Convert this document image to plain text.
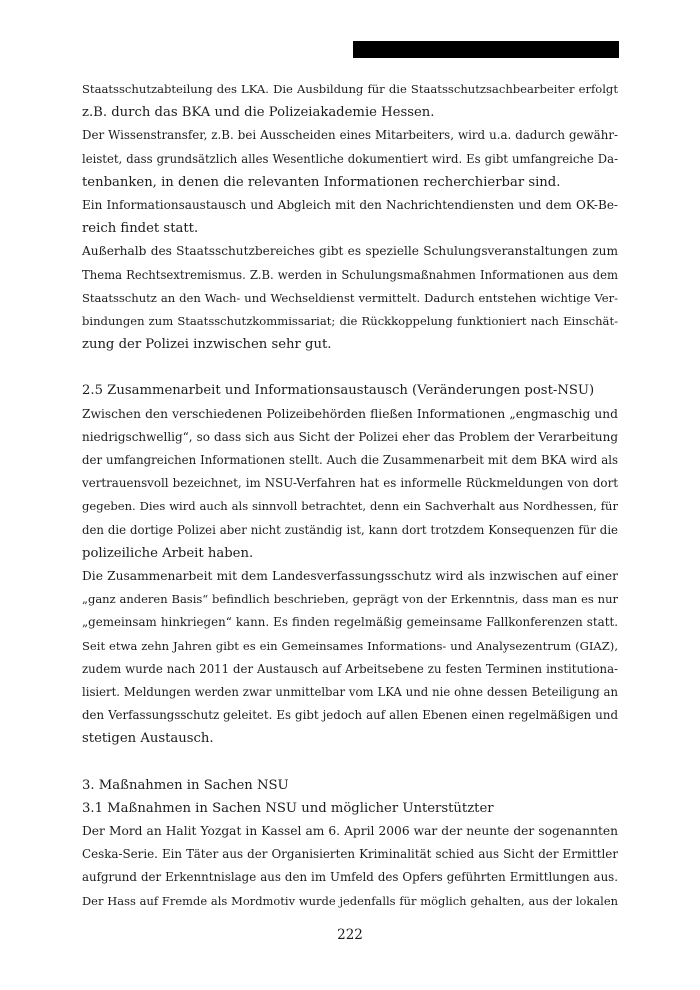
Staatsschutzabteilung des LKA. Die Ausbildung für die Staatsschutzsachbearbeiter erfolgt
z.B. durch das BKA und die Polizeiakademie Hessen.
Der Wissenstransfer, z.B. bei Ausscheiden eines Mitarbeiters, wird u.a. dadurch gewähr-
leistet, dass grundsätzlich alles Wesentliche dokumentiert wird. Es gibt umfangreiche Da-
tenbanken, in denen die relevanten Informationen recherchierbar sind.
Ein Informationsaustausch und Abgleich mit den Nachrichtendiensten und dem OK-Be-
reich findet statt.
Außerhalb des Staatsschutzbereiches gibt es spezielle Schulungsveranstaltungen zum
Thema Rechtsextremismus. Z.B. werden in Schulungsmaßnahmen Informationen aus dem
Staatsschutz an den Wach- und Wechseldienst vermittelt. Dadurch entstehen wichtige Ver-
bindungen zum Staatsschutzkommissariat; die Rückkoppelung funktioniert nach Einschät-
zung der Polizei inzwischen sehr gut.
2.5 Zusammenarbeit und Informationsaustausch (Veränderungen post-NSU)
Zwischen den verschiedenen Polizeibehörden fließen Informationen „engmaschig und
niedrigschwellig“, so dass sich aus Sicht der Polizei eher das Problem der Verarbeitung
der umfangreichen Informationen stellt. Auch die Zusammenarbeit mit dem BKA wird als
vertrauensvoll bezeichnet, im NSU-Verfahren hat es informelle Rückmeldungen von dort
gegeben. Dies wird auch als sinnvoll betrachtet, denn ein Sachverhalt aus Nordhessen, für
den die dortige Polizei aber nicht zuständig ist, kann dort trotzdem Konsequenzen für die
polizeiliche Arbeit haben.
Die Zusammenarbeit mit dem Landesverfassungsschutz wird als inzwischen auf einer
„ganz anderen Basis“ befindlich beschrieben, geprägt von der Erkenntnis, dass man es nur
„gemeinsam hinkriegen“ kann. Es finden regelmäßig gemeinsame Fallkonferenzen statt.
Seit etwa zehn Jahren gibt es ein Gemeinsames Informations- und Analysezentrum (GIAZ),
zudem wurde nach 2011 der Austausch auf Arbeitsebene zu festen Terminen institutiona-
lisiert. Meldungen werden zwar unmittelbar vom LKA und nie ohne dessen Beteiligung an
den Verfassungsschutz geleitet. Es gibt jedoch auf allen Ebenen einen regelmäßigen und
stetigen Austausch.
3. Maßnahmen in Sachen NSU
3.1 Maßnahmen in Sachen NSU und möglicher Unterstützter
Der Mord an Halit Yozgat in Kassel am 6. April 2006 war der neunte der sogenannten
Ceska-Serie. Ein Täter aus der Organisierten Kriminalität schied aus Sicht der Ermittler
aufgrund der Erkenntnislage aus den im Umfeld des Opfers geführten Ermittlungen aus.
Der Hass auf Fremde als Mordmotiv wurde jedenfalls für möglich gehalten, aus der lokalen
222
